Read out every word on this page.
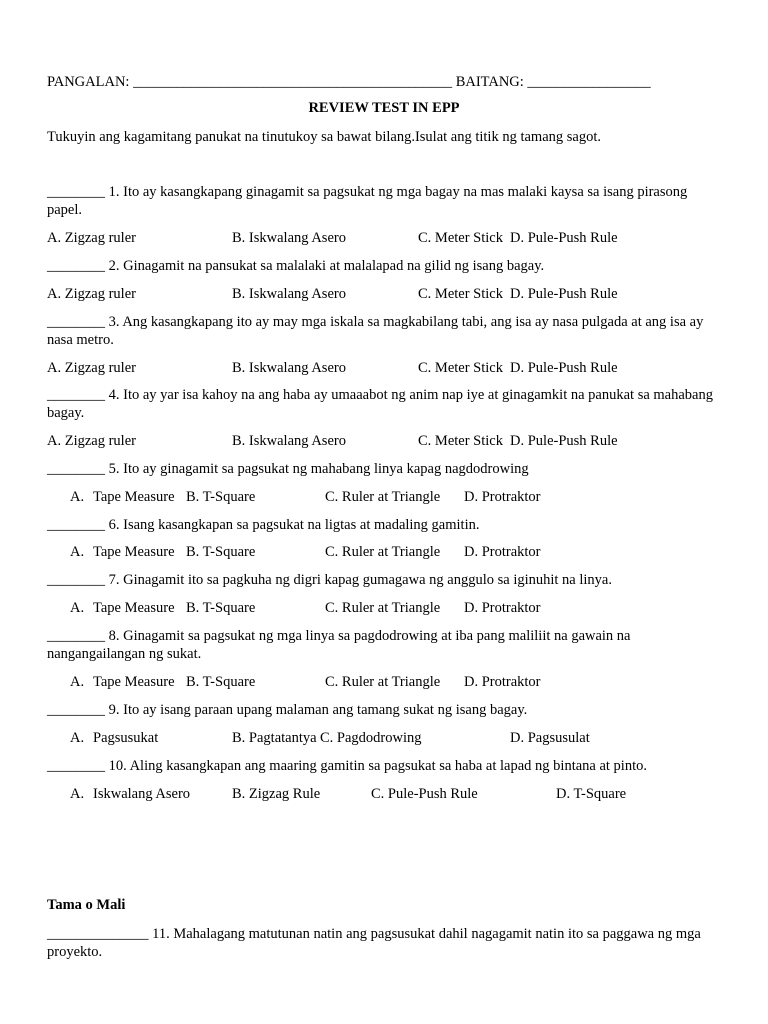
PANGALAN: ____________________________________________ BAITANG: _________________
REVIEW TEST IN EPP
Tukuyin ang kagamitang panukat na tinutukoy sa bawat bilang.Isulat ang titik ng tamang sagot.
________ 1. Ito ay kasangkapang ginagamit sa pagsukat ng mga bagay na mas malaki kaysa sa isang pirasong papel.
A. Zigzag ruler	B. Iskwalang Asero	C. Meter Stick D. Pule-Push Rule
________ 2. Ginagamit na pansukat sa malalaki at malalapad na gilid ng isang bagay.
A. Zigzag ruler	B. Iskwalang Asero	C. Meter Stick D. Pule-Push Rule
________ 3. Ang kasangkapang ito ay may mga iskala sa magkabilang tabi, ang isa ay nasa pulgada at ang isa ay nasa metro.
A. Zigzag ruler	B. Iskwalang Asero	C. Meter Stick D. Pule-Push Rule
________ 4. Ito ay yar isa kahoy na ang haba ay umaaabot ng anim nap iye at ginagamkit na panukat sa mahabang bagay.
A. Zigzag ruler	B. Iskwalang Asero	C. Meter Stick D. Pule-Push Rule
________ 5. Ito ay ginagamit sa pagsukat ng mahabang linya kapag nagdodrowing
A. Tape Measure B. T-Square	C. Ruler at Triangle D. Protraktor
________ 6. Isang kasangkapan sa pagsukat na ligtas at madaling gamitin.
A. Tape Measure B. T-Square	C. Ruler at Triangle D. Protraktor
________ 7. Ginagamit ito sa pagkuha ng digri kapag gumagawa ng anggulo sa iginuhit na linya.
A. Tape Measure B. T-Square	C. Ruler at Triangle D. Protraktor
________ 8. Ginagamit sa pagsukat ng mga linya sa pagdodrowing at iba pang maliliit na gawain na nangangailangan ng sukat.
A. Tape Measure B. T-Square	C. Ruler at Triangle D. Protraktor
________ 9. Ito ay isang paraan upang malaman ang tamang sukat ng isang bagay.
A. Pagsusukat	B. Pagtatantya C. Pagdodrowing	D. Pagsusulat
________ 10. Aling kasangkapan ang maaring gamitin sa pagsukat sa haba at lapad ng bintana at pinto.
A. Iskwalang Asero	B. Zigzag Rule	C. Pule-Push Rule	D. T-Square
Tama o Mali
______________ 11. Mahalagang matutunan natin ang pagsusukat dahil nagagamit natin ito sa paggawa ng mga proyekto.
